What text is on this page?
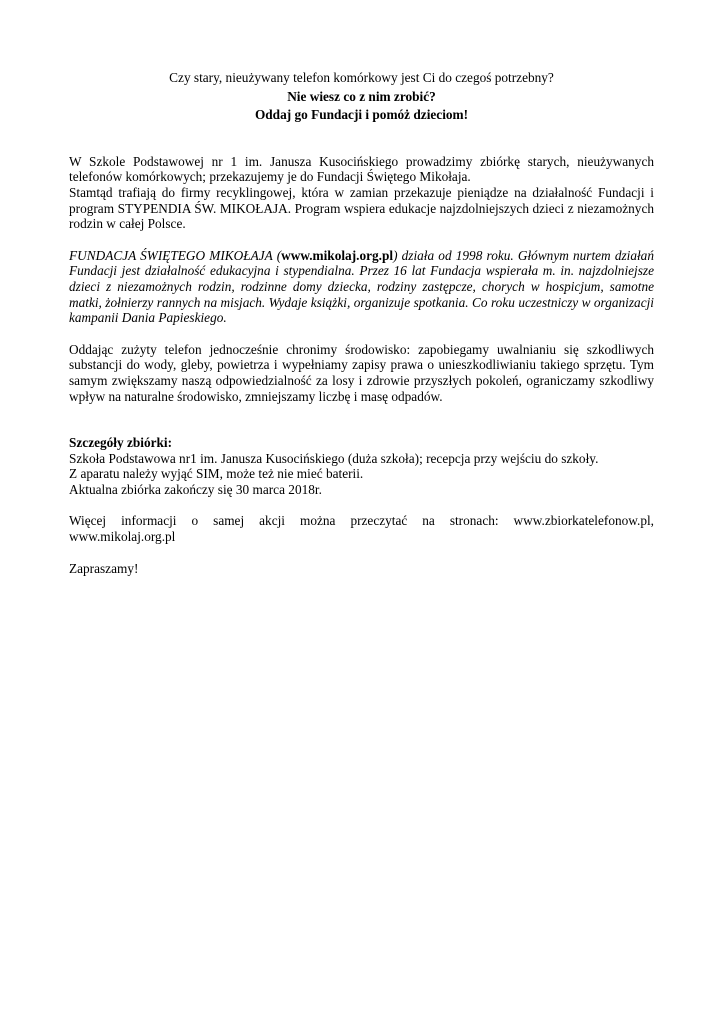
Czy stary, nieużywany telefon komórkowy jest Ci do czegoś potrzebny?

Nie wiesz co z nim zrobić?

Oddaj go Fundacji i pomóż dzieciom!

W Szkole Podstawowej nr 1 im. Janusza Kusocińskiego prowadzimy zbiórkę starych, nieużywanych telefonów komórkowych; przekazujemy je do Fundacji Świętego Mikołaja.

Stamtąd trafiają do firmy recyklingowej, która w zamian przekazuje pieniądze na działalność Fundacji i program STYPENDIA ŚW. MIKOŁAJA. Program wspiera edukacje najzdolniejszych dzieci z niezamożnych rodzin w całej Polsce.

FUNDACJA ŚWIĘTEGO MIKOŁAJA (www.mikolaj.org.pl) działa od 1998 roku. Głównym nurtem działań Fundacji jest działalność edukacyjna i stypendialna. Przez 16 lat Fundacja wspierała m. in. najzdolniejsze dzieci z niezamożnych rodzin, rodzinne domy dziecka, rodziny zastępcze, chorych w hospicjum, samotne matki, żołnierzy rannych na misjach. Wydaje książki, organizuje spotkania. Co roku uczestniczy w organizacji kampanii Dania Papieskiego.

Oddając zużyty telefon jednocześnie chronimy środowisko: zapobiegamy uwalnianiu się szkodliwych substancji do wody, gleby, powietrza i wypełniamy zapisy prawa o unieszkodliwianiu takiego sprzętu. Tym samym zwiększamy naszą odpowiedzialność za losy i zdrowie przyszłych pokoleń, ograniczamy szkodliwy wpływ na naturalne środowisko, zmniejszamy liczbę i masę odpadów.

Szczegóły zbiórki:

Szkoła Podstawowa nr1 im. Janusza Kusocińskiego (duża szkoła); recepcja przy wejściu do szkoły.

Z aparatu należy wyjąć SIM, może też nie mieć baterii.

Aktualna zbiórka zakończy się 30 marca 2018r.

Więcej informacji o samej akcji można przeczytać na stronach: www.zbiorkatelefonow.pl, www.mikolaj.org.pl

Zapraszamy!
